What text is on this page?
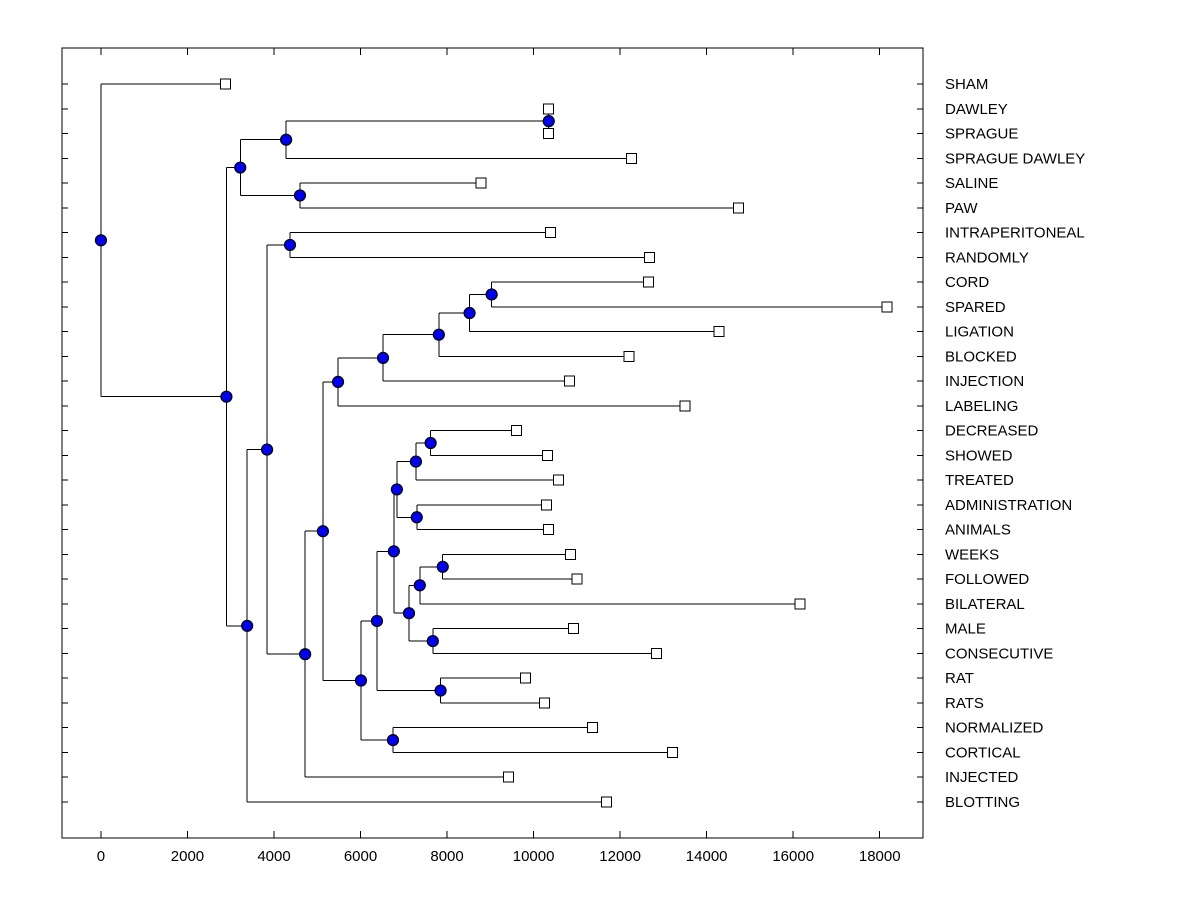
0	2000	4000	6000	8000	10000	12000	14000	16000	18000
SHAM
DAWLEY
SPRAGUE
SPRAGUE DAWLEY
SALINE
PAW
INTRAPERITONEAL
RANDOMLY
CORD
SPARED
LIGATION
BLOCKED
INJECTION
LABELING
DECREASED
SHOWED
TREATED
ADMINISTRATION
ANIMALS
WEEKS
FOLLOWED
BILATERAL
MALE
CONSECUTIVE
RAT
RATS
NORMALIZED
CORTICAL
INJECTED
BLOTTING
